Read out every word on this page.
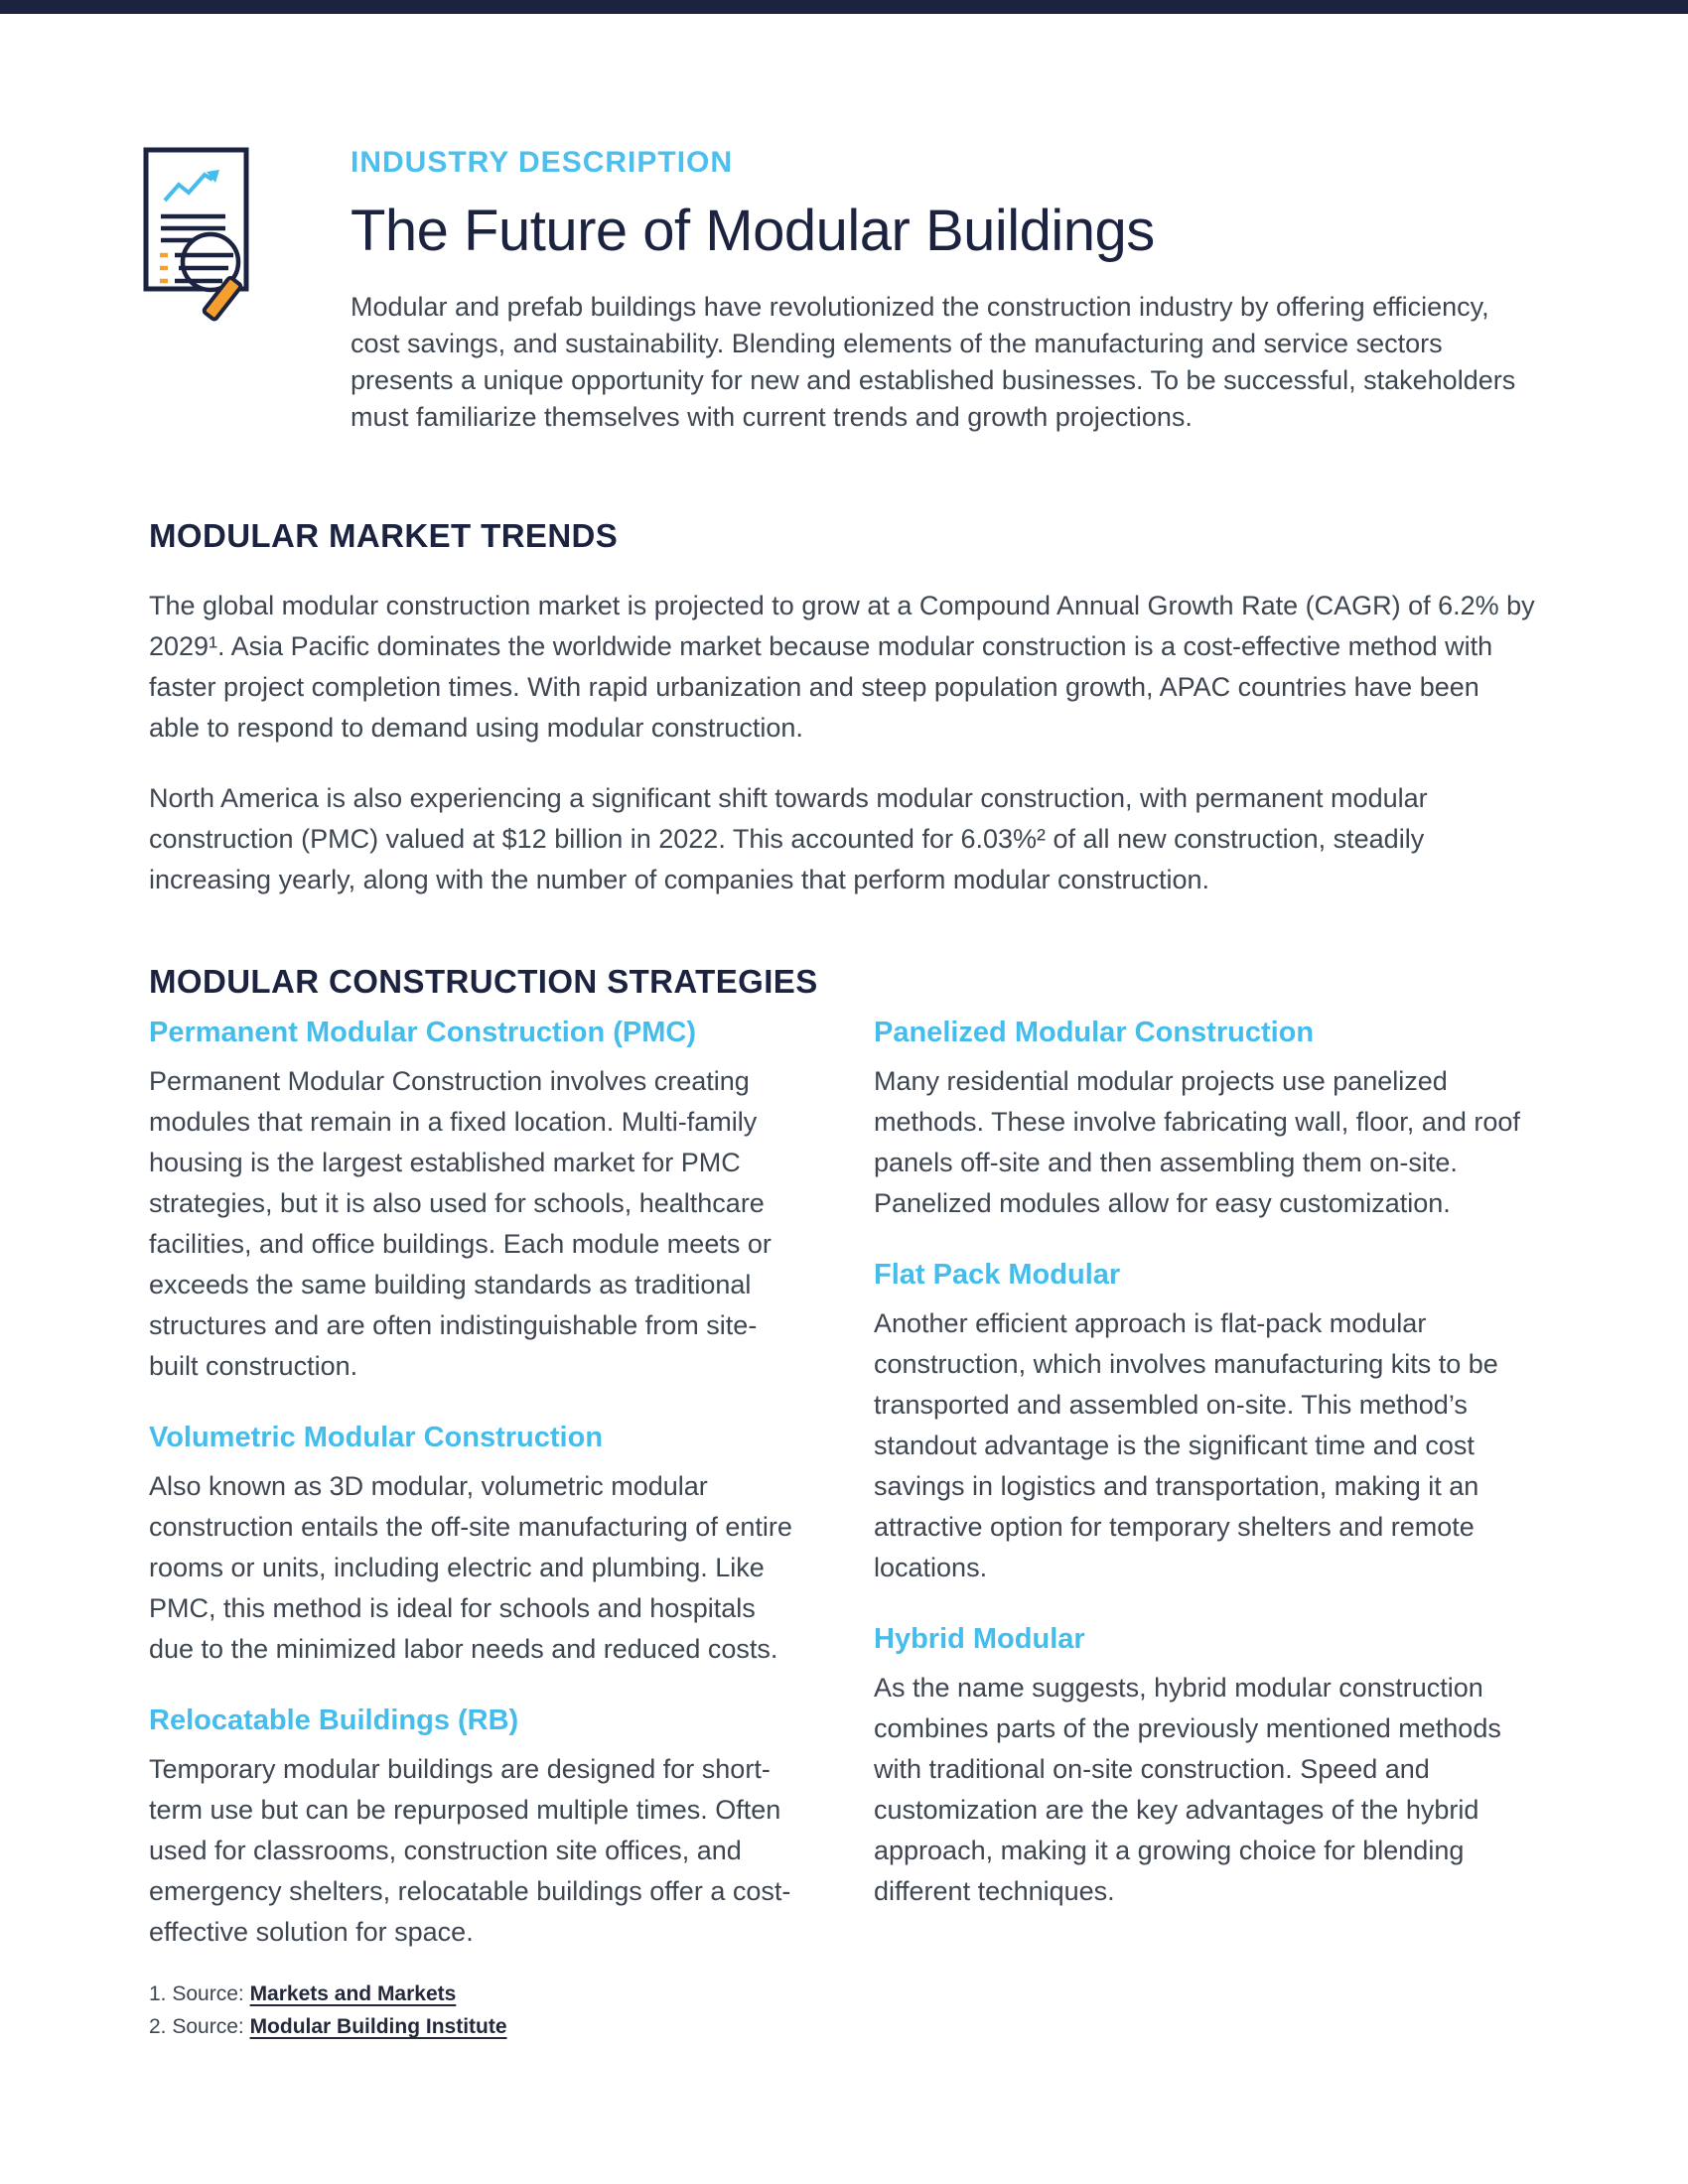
INDUSTRY DESCRIPTION
The Future of Modular Buildings

Modular and prefab buildings have revolutionized the construction industry by offering efficiency, cost savings, and sustainability. Blending elements of the manufacturing and service sectors presents a unique opportunity for new and established businesses. To be successful, stakeholders must familiarize themselves with current trends and growth projections.

MODULAR MARKET TRENDS

The global modular construction market is projected to grow at a Compound Annual Growth Rate (CAGR) of 6.2% by 2029¹. Asia Pacific dominates the worldwide market because modular construction is a cost-effective method with faster project completion times. With rapid urbanization and steep population growth, APAC countries have been able to respond to demand using modular construction.

North America is also experiencing a significant shift towards modular construction, with permanent modular construction (PMC) valued at $12 billion in 2022. This accounted for 6.03%² of all new construction, steadily increasing yearly, along with the number of companies that perform modular construction.

MODULAR CONSTRUCTION STRATEGIES
Permanent Modular Construction (PMC)

Permanent Modular Construction involves creating modules that remain in a fixed location. Multi-family housing is the largest established market for PMC strategies, but it is also used for schools, healthcare facilities, and office buildings. Each module meets or exceeds the same building standards as traditional structures and are often indistinguishable from site-built construction.

Volumetric Modular Construction

Also known as 3D modular, volumetric modular construction entails the off-site manufacturing of entire rooms or units, including electric and plumbing. Like PMC, this method is ideal for schools and hospitals due to the minimized labor needs and reduced costs.

Relocatable Buildings (RB)

Temporary modular buildings are designed for short-term use but can be repurposed multiple times. Often used for classrooms, construction site offices, and emergency shelters, relocatable buildings offer a cost-effective solution for space.

Panelized Modular Construction

Many residential modular projects use panelized methods. These involve fabricating wall, floor, and roof panels off-site and then assembling them on-site. Panelized modules allow for easy customization.

Flat Pack Modular

Another efficient approach is flat-pack modular construction, which involves manufacturing kits to be transported and assembled on-site. This method’s standout advantage is the significant time and cost savings in logistics and transportation, making it an attractive option for temporary shelters and remote locations.

Hybrid Modular

As the name suggests, hybrid modular construction combines parts of the previously mentioned methods with traditional on-site construction. Speed and customization are the key advantages of the hybrid approach, making it a growing choice for blending different techniques.

1. Source: Markets and Markets
2. Source: Modular Building Institute
